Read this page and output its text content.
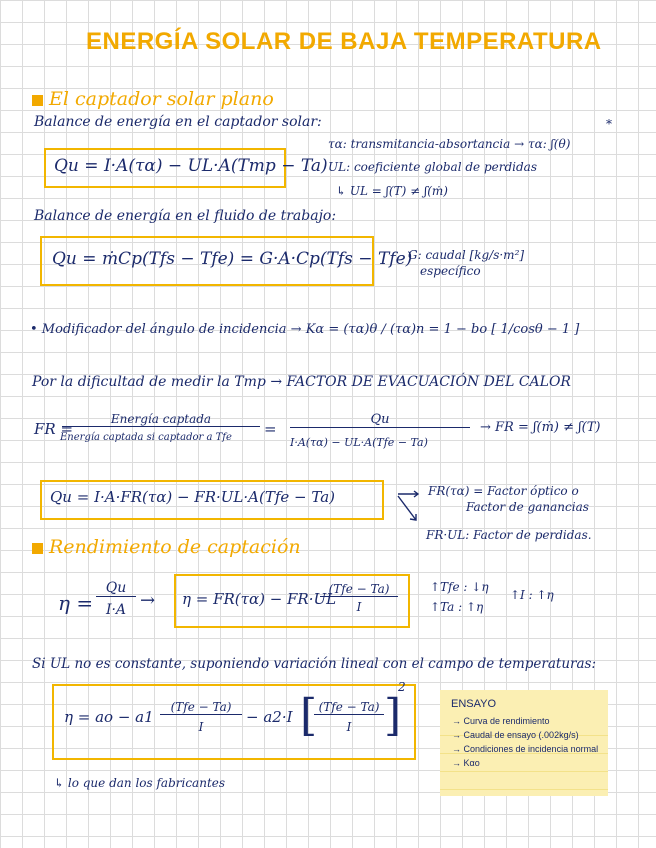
ENERGÍA SOLAR DE BAJA TEMPERATURA
El captador solar plano
Balance de energía en el captador solar:
Qu = I·A(τα) − UL·A(Tmp − Ta)
τα: transmitancia-absortancia → τα: ʃ(θ)
UL: coeficiente global de perdidas
↳ UL = ʃ(T) ≠ ʃ(ṁ)
*
Balance de energía en el fluido de trabajo:
Qu = ṁCp(Tfs − Tfe) = G·A·Cp(Tfs − Tfe)
G: caudal [kg/s·m²]
específico
• Modificador del ángulo de incidencia → Kα = (τα)θ / (τα)n = 1 − bo [ 1/cosθ − 1 ]
Por la dificultad de medir la Tmp → FACTOR DE EVACUACIÓN DEL CALOR
FR =
Energía captada
Energía captada si captador a Tfe =
Qu
I·A(τα) − UL·A(Tfe − Ta)
→ FR = ʃ(ṁ) ≠ ʃ(T)
Qu = I·A·FR(τα) − FR·UL·A(Tfe − Ta)	FR(τα) = Factor óptico o
Factor de ganancias
FR·UL: Factor de perdidas.
Rendimiento de captación
η =
Qu
I·A → η = FR(τα) − FR·UL
(Tfe − Ta)
I
↑Tfe : ↓η
↑Ta : ↑η
↑I : ↑η
Si UL no es constante, suponiendo variación lineal con el campo de temperaturas:
η = ao − a1
(Tfe − Ta)
I
− a2·I [ (Tfe − Ta)
I ]
2
↳ lo que dan los fabricantes
ENSAYO
→ Curva de rendimiento
→ Caudal de ensayo (.002kg/s)
→ Condiciones de incidencia normal
→ Kαo
